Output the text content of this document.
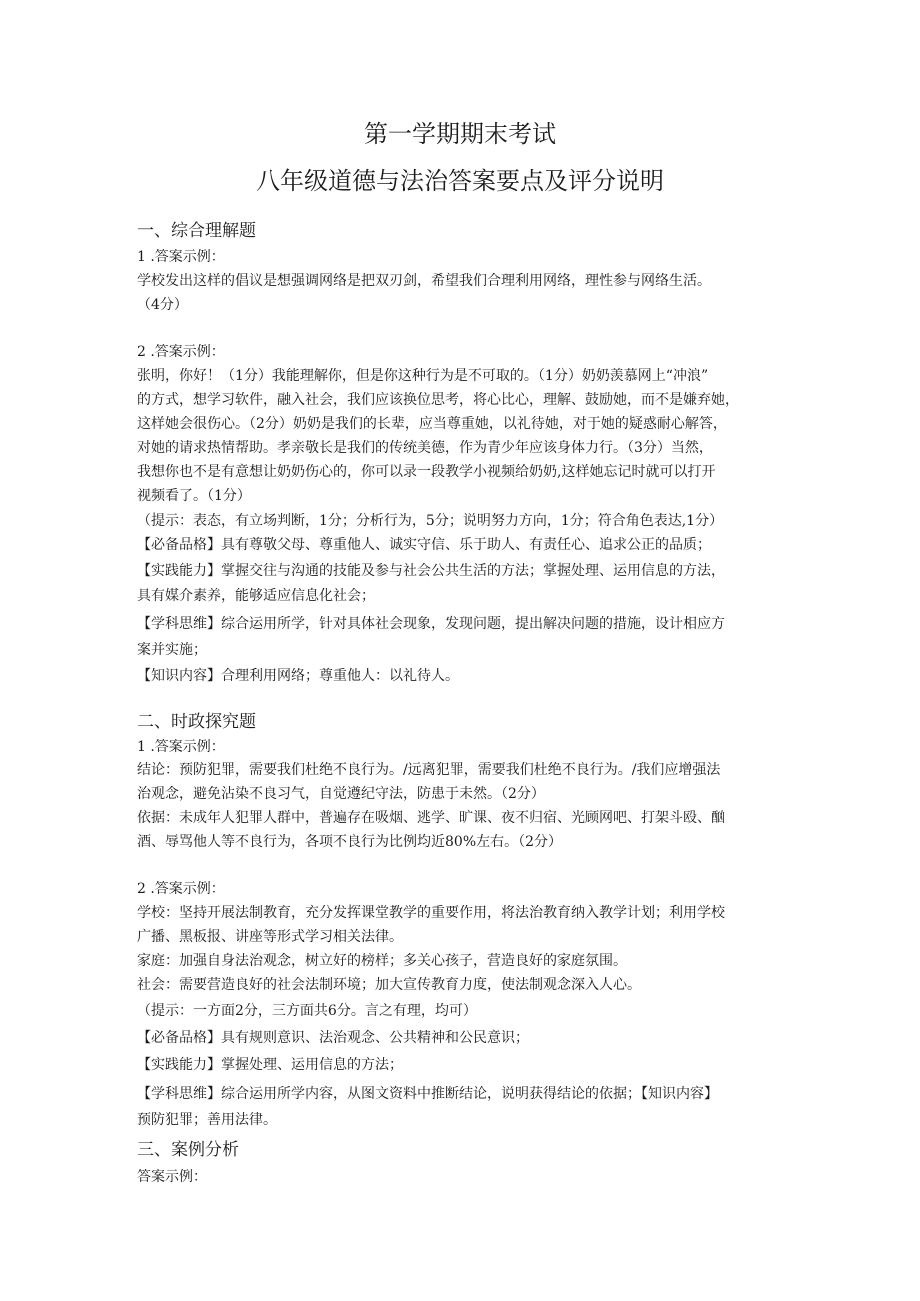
第一学期期末考试
八年级道德与法治答案要点及评分说明
一、综合理解题
1 .答案示例：
学校发出这样的倡议是想强调网络是把双刃剑，希望我们合理利用网络，理性参与网络生活。
（4分）
2 .答案示例：
张明，你好！（1分）我能理解你，但是你这种行为是不可取的。（1分）奶奶羡慕网上“冲浪”
的方式，想学习软件，融入社会，我们应该换位思考，将心比心，理解、鼓励她，而不是嫌弃她，
这样她会很伤心。（2分）奶奶是我们的长辈，应当尊重她，以礼待她，对于她的疑惑耐心解答，
对她的请求热情帮助。孝亲敬长是我们的传统美德，作为青少年应该身体力行。（3分）当然，
我想你也不是有意想让奶奶伤心的，你可以录一段教学小视频给奶奶,这样她忘记时就可以打开
视频看了。（1分）
（提示：表态，有立场判断，1分；分析行为，5分；说明努力方向，1分；符合角色表达,1分）
【必备品格】具有尊敬父母、尊重他人、诚实守信、乐于助人、有责任心、追求公正的品质；
【实践能力】掌握交往与沟通的技能及参与社会公共生活的方法；掌握处理、运用信息的方法，
具有媒介素养，能够适应信息化社会；
【学科思维】综合运用所学，针对具体社会现象，发现问题，提出解决问题的措施，设计相应方
案并实施；
【知识内容】合理利用网络；尊重他人：以礼待人。
二、时政探究题
1 .答案示例：
结论：预防犯罪，需要我们杜绝不良行为。/远离犯罪，需要我们杜绝不良行为。/我们应增强法
治观念，避免沾染不良习气，自觉遵纪守法，防患于未然。（2分）
依据：未成年人犯罪人群中，普遍存在吸烟、逃学、旷课、夜不归宿、光顾网吧、打架斗殴、酗
酒、辱骂他人等不良行为，各项不良行为比例均近80%左右。（2分）
2 .答案示例：
学校：坚持开展法制教育，充分发挥课堂教学的重要作用，将法治教育纳入教学计划；利用学校
广播、黑板报、讲座等形式学习相关法律。
家庭：加强自身法治观念，树立好的榜样；多关心孩子，营造良好的家庭氛围。
社会：需要营造良好的社会法制环境；加大宣传教育力度，使法制观念深入人心。
（提示：一方面2分，三方面共6分。言之有理，均可）
【必备品格】具有规则意识、法治观念、公共精神和公民意识；
【实践能力】掌握处理、运用信息的方法；
【学科思维】综合运用所学内容，从图文资料中推断结论，说明获得结论的依据；【知识内容】
预防犯罪；善用法律。
三、案例分析
答案示例：
